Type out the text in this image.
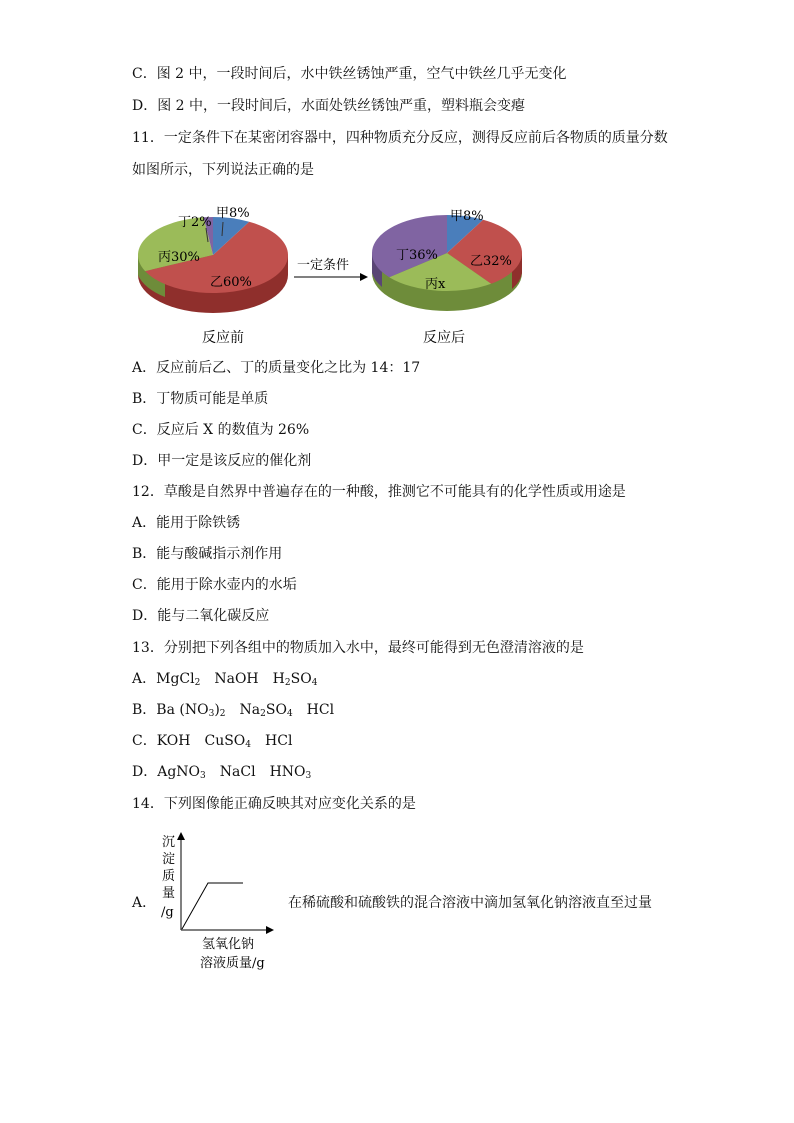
C．图 2 中，一段时间后，水中铁丝锈蚀严重，空气中铁丝几乎无变化
D．图 2 中，一段时间后，水面处铁丝锈蚀严重，塑料瓶会变瘪
11．一定条件下在某密闭容器中，四种物质充分反应，测得反应前后各物质的质量分数
如图所示，下列说法正确的是
丁2%
甲8%
丙30%
乙60%
反应前
一定条件
甲8%
丁36% 乙32%
丙x
反应后
A．反应前后乙、丁的质量变化之比为 14：17
B．丁物质可能是单质
C．反应后 X 的数值为 26%
D．甲一定是该反应的催化剂
12．草酸是自然界中普遍存在的一种酸，推测它不可能具有的化学性质或用途是
A．能用于除铁锈
B．能与酸碱指示剂作用
C．能用于除水壶内的水垢
D．能与二氧化碳反应
13．分别把下列各组中的物质加入水中，最终可能得到无色澄清溶液的是
A．MgCl$_2$ NaOH $H_2SO_4$
B．Ba $(NO_3)_2$ $Na_2SO_4$ HCl
C．KOH　CuSO$_4$　HCl
D．AgNO$_3$　NaCl　$HNO_3$
14．下列图像能正确反映其对应变化关系的是
A．
沉
淀
质
量
/g
氢氧化钠
溶液质量/g
在稀硫酸和硫酸铁的混合溶液中滴加氢氧化钠溶液直至过量
